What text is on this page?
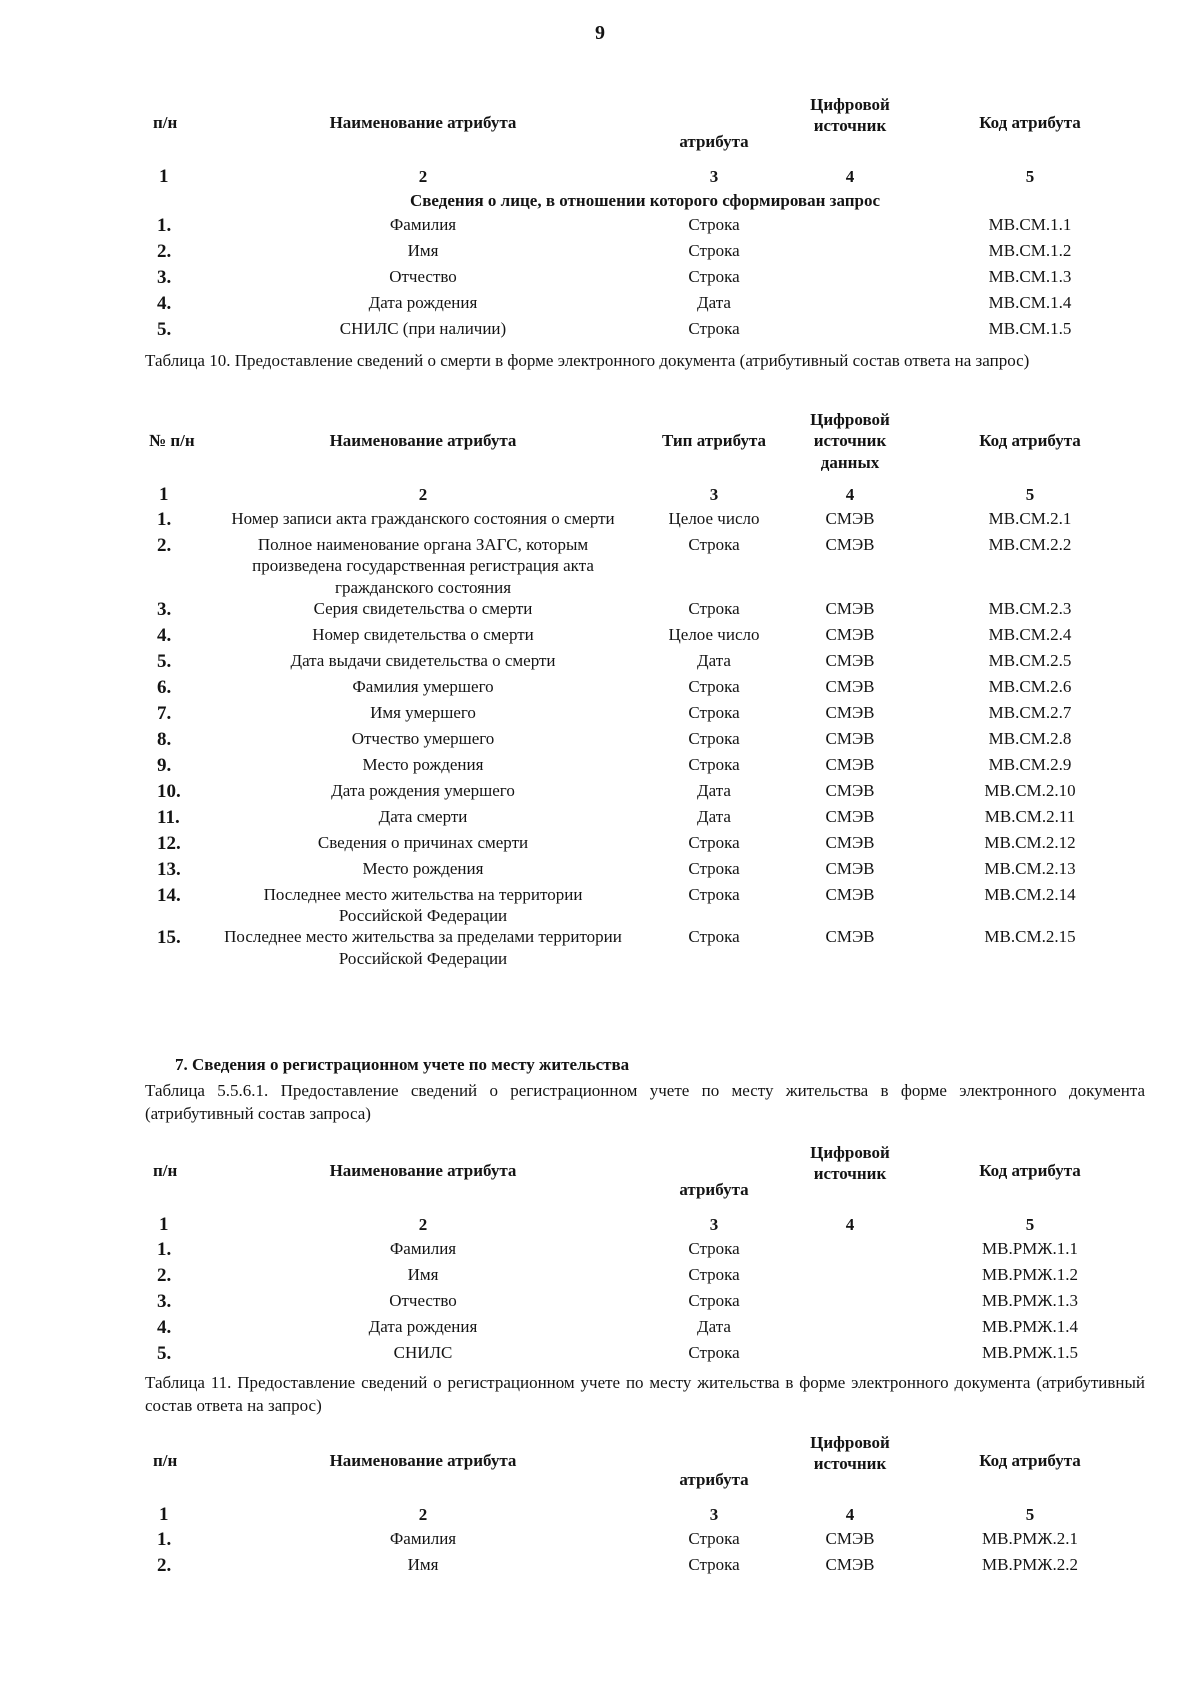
9
п/н	Наименование атрибута	атрибута	Цифровой источник	Код атрибута
1	2	3	4	5
Сведения о лице, в отношении которого сформирован запрос				
1.	Фамилия	Строка		МВ.СМ.1.1
2.	Имя	Строка		МВ.СМ.1.2
3.	Отчество	Строка		МВ.СМ.1.3
4.	Дата рождения	Дата		МВ.СМ.1.4
5.	СНИЛС (при наличии)	Строка		МВ.СМ.1.5
Таблица 10. Предоставление сведений о смерти в форме электронного документа (атрибутивный состав ответа на запрос)
№ п/н	Наименование атрибута	Тип атрибута	Цифровой источник данных	Код атрибута
1	2	3	4	5
1.	Номер записи акта гражданского состояния о смерти	Целое число	СМЭВ	МВ.СМ.2.1
2.	Полное наименование органа ЗАГС, которым произведена государственная регистрация акта гражданского состояния	Строка	СМЭВ	МВ.СМ.2.2
3.	Серия свидетельства о смерти	Строка	СМЭВ	МВ.СМ.2.3
4.	Номер свидетельства о смерти	Целое число	СМЭВ	МВ.СМ.2.4
5.	Дата выдачи свидетельства о смерти	Дата	СМЭВ	МВ.СМ.2.5
6.	Фамилия умершего	Строка	СМЭВ	МВ.СМ.2.6
7.	Имя умершего	Строка	СМЭВ	МВ.СМ.2.7
8.	Отчество умершего	Строка	СМЭВ	МВ.СМ.2.8
9.	Место рождения	Строка	СМЭВ	МВ.СМ.2.9
10.	Дата рождения умершего	Дата	СМЭВ	МВ.СМ.2.10
11.	Дата смерти	Дата	СМЭВ	МВ.СМ.2.11
12.	Сведения о причинах смерти	Строка	СМЭВ	МВ.СМ.2.12
13.	Место рождения	Строка	СМЭВ	МВ.СМ.2.13
14.	Последнее место жительства на территории Российской Федерации	Строка	СМЭВ	МВ.СМ.2.14
15.	Последнее место жительства за пределами территории Российской Федерации	Строка	СМЭВ	МВ.СМ.2.15
7. Сведения о регистрационном учете по месту жительства
Таблица 5.5.6.1. Предоставление сведений о регистрационном учете по месту жительства в форме электронного документа (атрибутивный состав запроса)
п/н	Наименование атрибута	атрибута	Цифровой источник	Код атрибута
1	2	3	4	5
1.	Фамилия	Строка		МВ.РМЖ.1.1
2.	Имя	Строка		МВ.РМЖ.1.2
3.	Отчество	Строка		МВ.РМЖ.1.3
4.	Дата рождения	Дата		МВ.РМЖ.1.4
5.	СНИЛС	Строка		МВ.РМЖ.1.5
Таблица 11. Предоставление сведений о регистрационном учете по месту жительства в форме электронного документа (атрибутивный состав ответа на запрос)
п/н	Наименование атрибута	атрибута	Цифровой источник	Код атрибута
1	2	3	4	5
1.	Фамилия	Строка	СМЭВ	МВ.РМЖ.2.1
2.	Имя	Строка	СМЭВ	МВ.РМЖ.2.2
